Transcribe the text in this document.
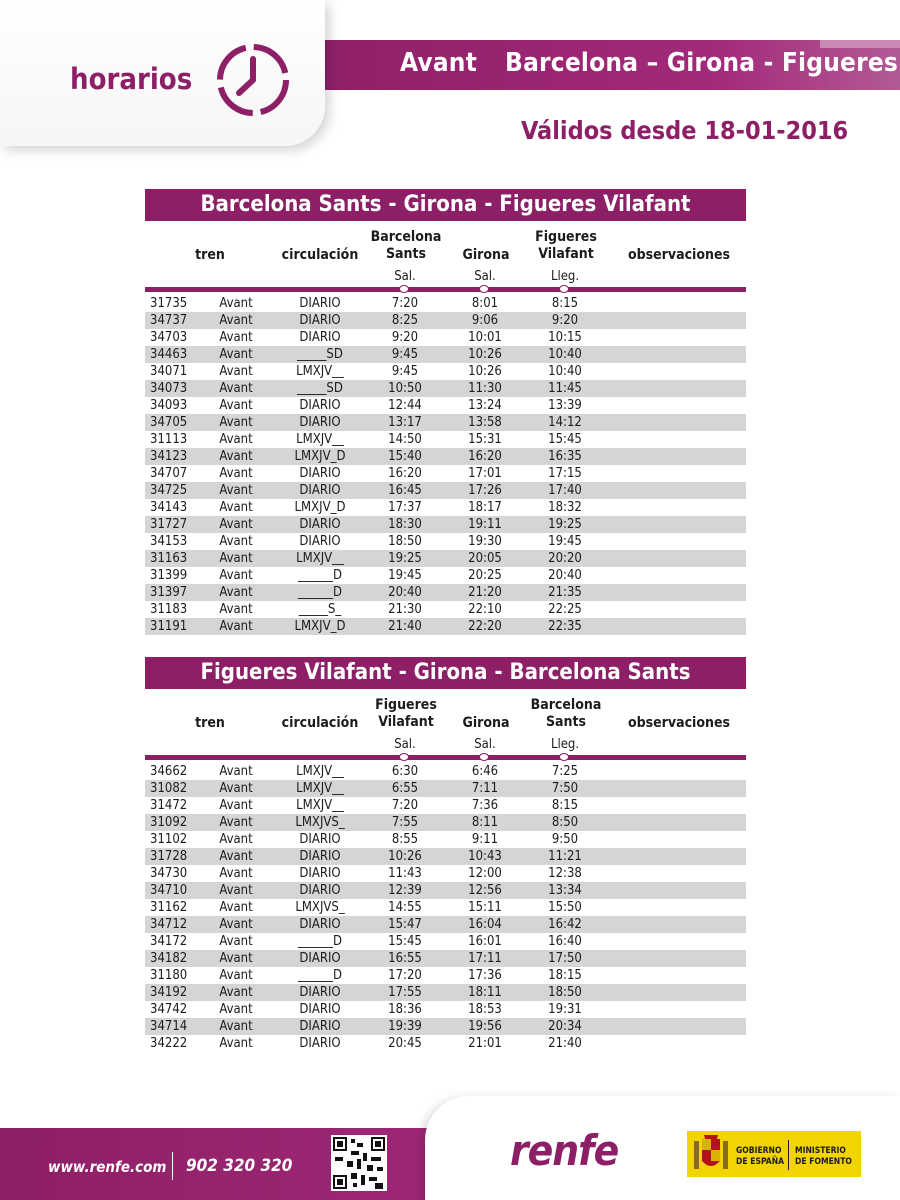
Avant Barcelona – Girona - Figueres
horarios
Válidos desde 18-01-2016
Barcelona Sants - Girona - Figueres Vilafant
tren	circulación
Barcelona
Sants	Girona
Figueres
Vilafant	observaciones
Sal.	Sal.	Lleg.
31735 Avant	DIARIO	7:20	8:01	8:15
34737 Avant	DIARIO	8:25	9:06	9:20
34703 Avant	DIARIO	9:20	10:01	10:15
34463 Avant	_____SD	9:45	10:26	10:40
34071 Avant	LMXJV__	9:45	10:26	10:40
34073 Avant	_____SD	10:50	11:30	11:45
34093 Avant	DIARIO	12:44	13:24	13:39
34705 Avant	DIARIO	13:17	13:58	14:12
31113 Avant	LMXJV__	14:50	15:31	15:45
34123 Avant	LMXJV_D	15:40	16:20	16:35
34707 Avant	DIARIO	16:20	17:01	17:15
34725 Avant	DIARIO	16:45	17:26	17:40
34143 Avant	LMXJV_D	17:37	18:17	18:32
31727 Avant	DIARIO	18:30	19:11	19:25
34153 Avant	DIARIO	18:50	19:30	19:45
31163 Avant	LMXJV__	19:25	20:05	20:20
31399 Avant	______D	19:45	20:25	20:40
31397 Avant	______D	20:40	21:20	21:35
31183 Avant	_____S_	21:30	22:10	22:25
31191 Avant	LMXJV_D	21:40	22:20	22:35
Figueres Vilafant - Girona - Barcelona Sants
tren	circulación
Figueres
Vilafant	Girona
Barcelona
Sants	observaciones
Sal.	Sal.	Lleg.
34662 Avant	LMXJV__	6:30	6:46	7:25
31082 Avant	LMXJV__	6:55	7:11	7:50
31472 Avant	LMXJV__	7:20	7:36	8:15
31092 Avant	LMXJVS_	7:55	8:11	8:50
31102 Avant	DIARIO	8:55	9:11	9:50
31728 Avant	DIARIO	10:26	10:43	11:21
34730 Avant	DIARIO	11:43	12:00	12:38
34710 Avant	DIARIO	12:39	12:56	13:34
31162 Avant	LMXJVS_	14:55	15:11	15:50
34712 Avant	DIARIO	15:47	16:04	16:42
34172 Avant	______D	15:45	16:01	16:40
34182 Avant	DIARIO	16:55	17:11	17:50
31180 Avant	______D	17:20	17:36	18:15
34192 Avant	DIARIO	17:55	18:11	18:50
34742 Avant	DIARIO	18:36	18:53	19:31
34714 Avant	DIARIO	19:39	19:56	20:34
34222 Avant	DIARIO	20:45	21:01	21:40
www.renfe.com 902 320 320	renfe	GOBIERNO DE ESPAÑA
MINISTERIO DE FOMENTO
